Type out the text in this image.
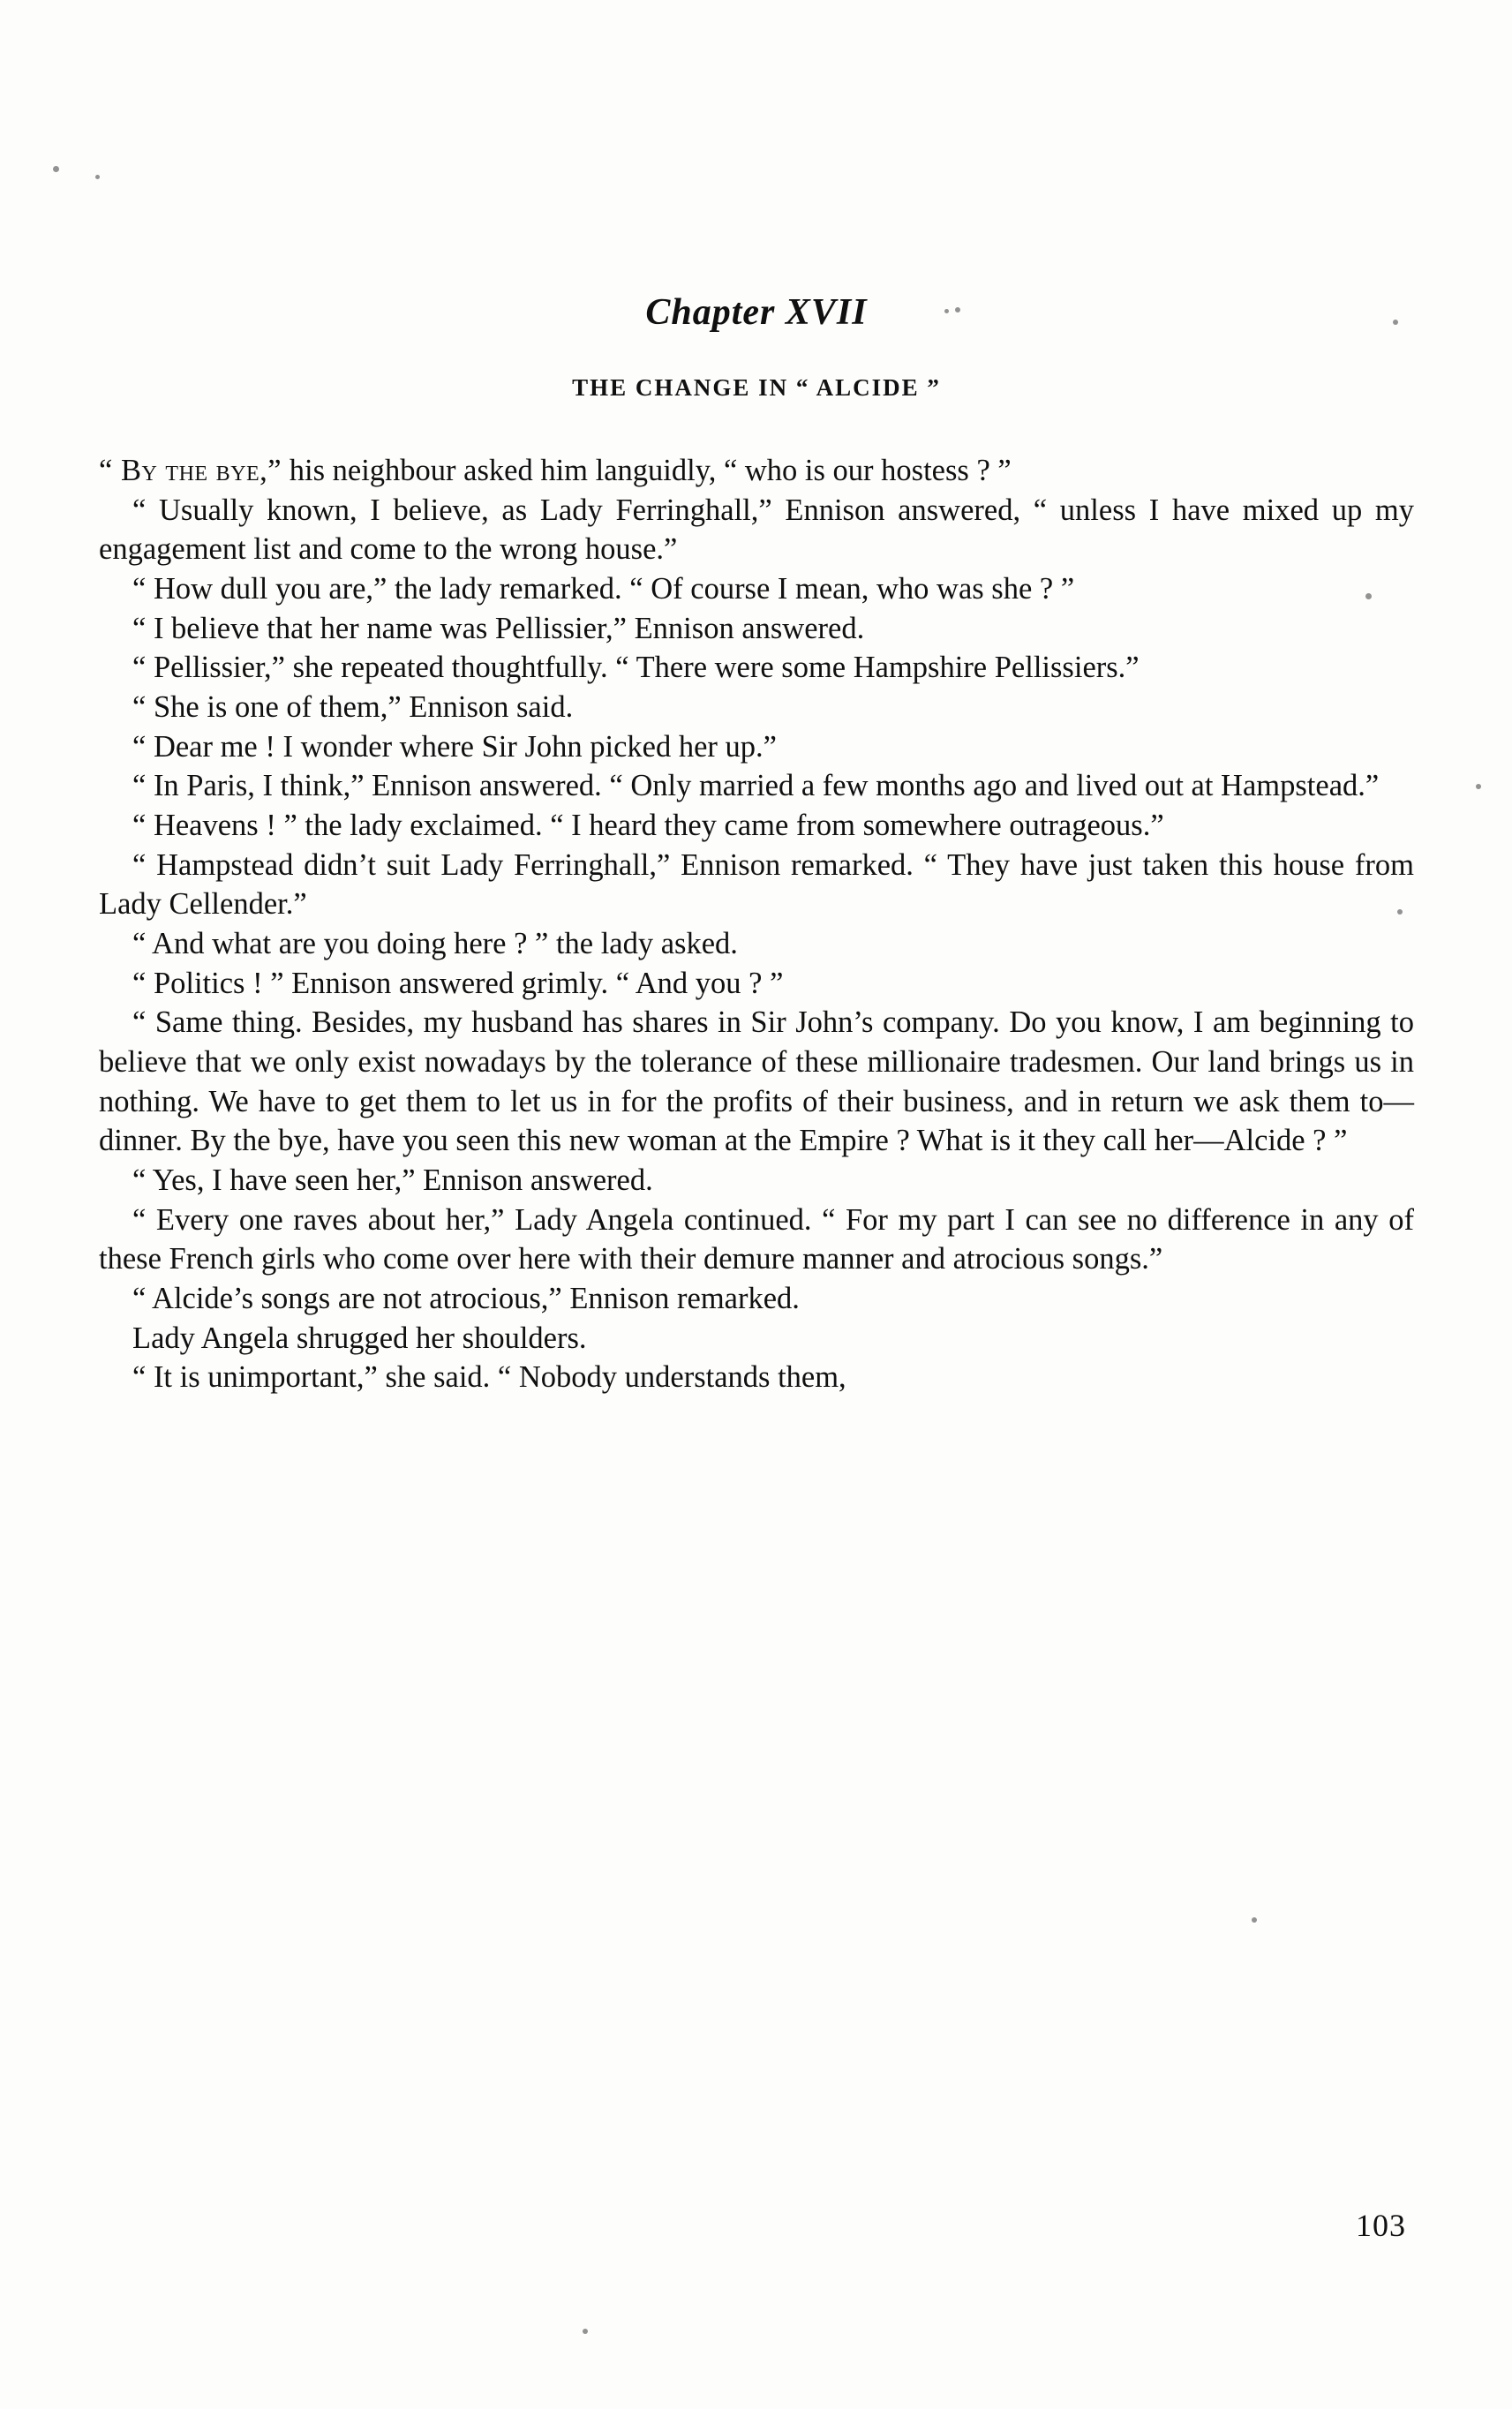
Chapter XVII
THE CHANGE IN “ ALCIDE ”

“ By the bye,” his neighbour asked him languidly, “ who is our hostess ? ”

“ Usually known, I believe, as Lady Ferringhall,” Ennison answered, “ unless I have mixed up my engagement list and come to the wrong house.”

“ How dull you are,” the lady remarked. “ Of course I mean, who was she ? ”

“ I believe that her name was Pellissier,” Ennison answered.

“ Pellissier,” she repeated thoughtfully. “ There were some Hampshire Pellissiers.”

“ She is one of them,” Ennison said.

“ Dear me ! I wonder where Sir John picked her up.”

“ In Paris, I think,” Ennison answered. “ Only married a few months ago and lived out at Hampstead.”

“ Heavens ! ” the lady exclaimed. “ I heard they came from somewhere outrageous.”

“ Hampstead didn’t suit Lady Ferringhall,” Ennison remarked. “ They have just taken this house from Lady Cellender.”

“ And what are you doing here ? ” the lady asked.

“ Politics ! ” Ennison answered grimly. “ And you ? ”

“ Same thing. Besides, my husband has shares in Sir John’s company. Do you know, I am beginning to believe that we only exist nowadays by the tolerance of these millionaire tradesmen. Our land brings us in nothing. We have to get them to let us in for the profits of their business, and in return we ask them to—dinner. By the bye, have you seen this new woman at the Empire ? What is it they call her—Alcide ? ”

“ Yes, I have seen her,” Ennison answered.

“ Every one raves about her,” Lady Angela continued. “ For my part I can see no difference in any of these French girls who come over here with their demure manner and atrocious songs.”

“ Alcide’s songs are not atrocious,” Ennison remarked.

Lady Angela shrugged her shoulders.

“ It is unimportant,” she said. “ Nobody understands them,

103
